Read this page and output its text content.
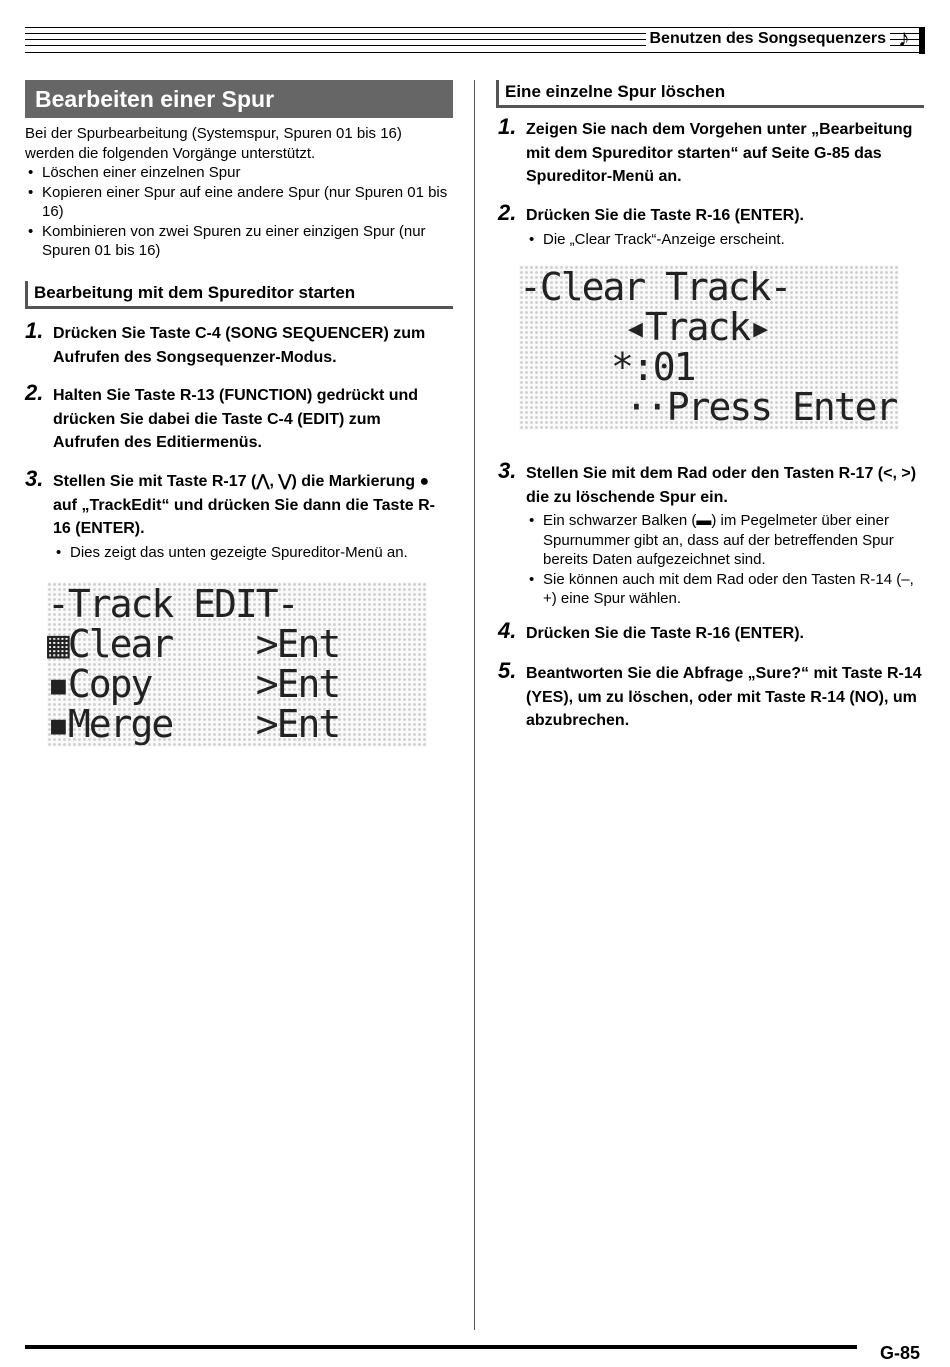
Benutzen des Songsequenzers ♪
Bearbeiten einer Spur

Bei der Spurbearbeitung (Systemspur, Spuren 01 bis 16) werden die folgenden Vorgänge unterstützt.

• Löschen einer einzelnen Spur
• Kopieren einer Spur auf eine andere Spur (nur Spuren 01 bis 16)
• Kombinieren von zwei Spuren zu einer einzigen Spur (nur Spuren 01 bis 16)
Bearbeitung mit dem Spureditor starten
1. Drücken Sie Taste C-4 (SONG SEQUENCER) zum Aufrufen des Songsequenzer-Modus.
2. Halten Sie Taste R-13 (FUNCTION) gedrückt und drücken Sie dabei die Taste C-4 (EDIT) zum Aufrufen des Editiermenüs.
3. Stellen Sie mit Taste R-17 (⋀, ⋁) die Markierung ● auf „TrackEdit“ und drücken Sie dann die Taste R-16 (ENTER).
• Dies zeigt das unten gezeigte Spureditor-Menü an.

-Track EDIT-

▦Clear    >Ent

▪Copy     >Ent

▪Merge    >Ent

Eine einzelne Spur löschen
1. Zeigen Sie nach dem Vorgehen unter „Bearbeitung mit dem Spureditor starten“ auf Seite G-85 das Spureditor-Menü an.
2. Drücken Sie die Taste R-16 (ENTER).
• Die „Clear Track“-Anzeige erscheint.

-Clear Track-

◂Track▸

*:01

··Press Enter

3. Stellen Sie mit dem Rad oder den Tasten R-17 (<, >) die zu löschende Spur ein.
• Ein schwarzer Balken (▬) im Pegelmeter über einer Spurnummer gibt an, dass auf der betreffenden Spur bereits Daten aufgezeichnet sind.
• Sie können auch mit dem Rad oder den Tasten R-14 (–, +) eine Spur wählen.
4. Drücken Sie die Taste R-16 (ENTER).
5. Beantworten Sie die Abfrage „Sure?“ mit Taste R-14 (YES), um zu löschen, oder mit Taste R-14 (NO), um abzubrechen.
G-85
